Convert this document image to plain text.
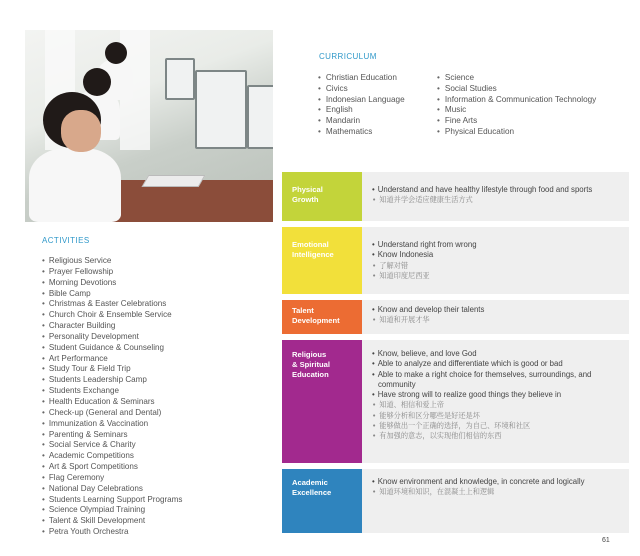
CURRICULUM
• Christian Education
• Civics
• Indonesian Language
• English
• Mandarin
• Mathematics
• Science
• Social Studies
• Information & Communication Technology
• Music
• Fine Arts
• Physical Education
ACTIVITIES
• Religious Service
• Prayer Fellowship
• Morning Devotions
• Bible Camp
• Christmas & Easter Celebrations
• Church Choir & Ensemble Service
• Character Building
• Personality Development
• Student Guidance & Counseling
• Art Performance
• Study Tour & Field Trip
• Students Leadership Camp
• Students Exchange
• Health Education & Seminars
• Check-up (General and Dental)
• Immunization & Vaccination
• Parenting & Seminars
• Social Service & Charity
• Academic Competitions
• Art & Sport Competitions
• Flag Ceremony
• National Day Celebrations
• Students Learning Support Programs
• Science Olympiad Training
• Talent & Skill Development
• Petra Youth Orchestra
Physical
Growth
• Understand and have healthy lifestyle through food and sports
• 知道并学会适应健康生活方式
Emotional
Intelligence
• Understand right from wrong
• Know Indonesia
• 了解对错
• 知道印度尼西亚
Talent
Development
• Know and develop their talents
• 知道和开展才华
Religious
& Spiritual
Education
• Know, believe, and love God
• Able to analyze and differentiate which is good or bad
• Able to make a right choice for themselves, surroundings, and
community
• Have strong will to realize good things they believe in
• 知道、相信和爱上帝
• 能够分析和区分哪些是好还是坏
• 能够做出一个正确的选择，为自己、环境和社区
• 有加强的意志，以实现他们相信的东西
Academic
Excellence
• Know environment and knowledge, in concrete and logically
• 知道环境和知识，在混凝土上和逻辑
61
